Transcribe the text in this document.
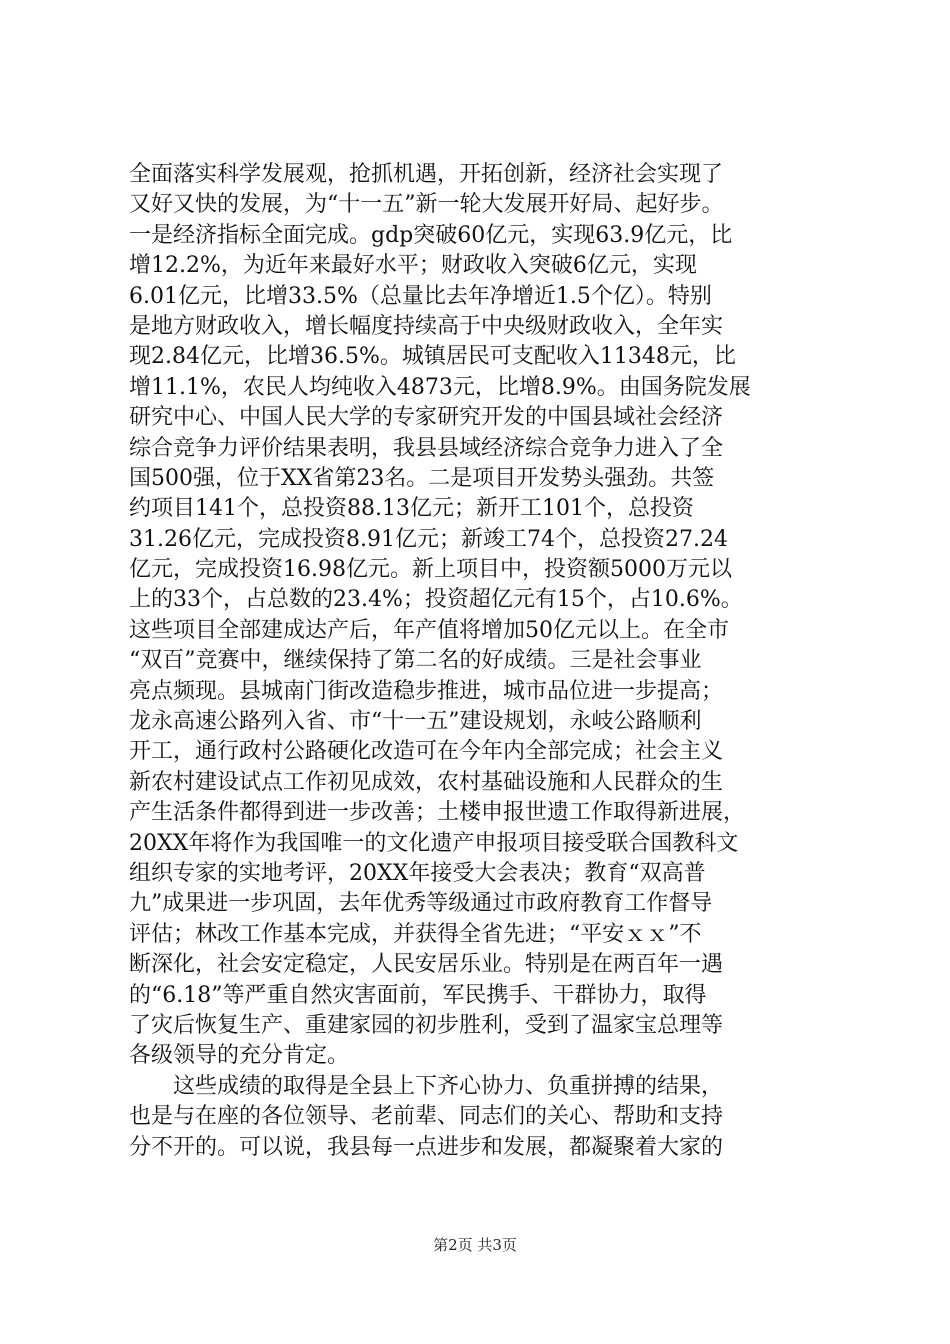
全面落实科学发展观，抢抓机遇，开拓创新，经济社会实现了
又好又快的发展，为“十一五”新一轮大发展开好局、起好步。
一是经济指标全面完成。gdp突破60亿元，实现63.9亿元，比
增12.2%，为近年来最好水平；财政收入突破6亿元，实现
6.01亿元，比增33.5%（总量比去年净增近1.5个亿）。特别
是地方财政收入，增长幅度持续高于中央级财政收入，全年实
现2.84亿元，比增36.5%。城镇居民可支配收入11348元，比
增11.1%，农民人均纯收入4873元，比增8.9%。由国务院发展
研究中心、中国人民大学的专家研究开发的中国县域社会经济
综合竞争力评价结果表明，我县县域经济综合竞争力进入了全
国500强，位于XX省第23名。二是项目开发势头强劲。共签
约项目141个，总投资88.13亿元；新开工101个，总投资
31.26亿元，完成投资8.91亿元；新竣工74个，总投资27.24
亿元，完成投资16.98亿元。新上项目中，投资额5000万元以
上的33个，占总数的23.4%；投资超亿元有15个，占10.6%。
这些项目全部建成达产后，年产值将增加50亿元以上。在全市
“双百”竞赛中，继续保持了第二名的好成绩。三是社会事业
亮点频现。县城南门街改造稳步推进，城市品位进一步提高；
龙永高速公路列入省、市“十一五”建设规划，永岐公路顺利
开工，通行政村公路硬化改造可在今年内全部完成；社会主义
新农村建设试点工作初见成效，农村基础设施和人民群众的生
产生活条件都得到进一步改善；土楼申报世遗工作取得新进展，
20XX年将作为我国唯一的文化遗产申报项目接受联合国教科文
组织专家的实地考评，20XX年接受大会表决；教育“双高普
九”成果进一步巩固，去年优秀等级通过市政府教育工作督导
评估；林改工作基本完成，并获得全省先进；“平安ｘｘ”不
断深化，社会安定稳定，人民安居乐业。特别是在两百年一遇
的“6.18”等严重自然灾害面前，军民携手、干群协力，取得
了灾后恢复生产、重建家园的初步胜利，受到了温家宝总理等
各级领导的充分肯定。
这些成绩的取得是全县上下齐心协力、负重拼搏的结果，
也是与在座的各位领导、老前辈、同志们的关心、帮助和支持
分不开的。可以说，我县每一点进步和发展，都凝聚着大家的
第2页 共3页
